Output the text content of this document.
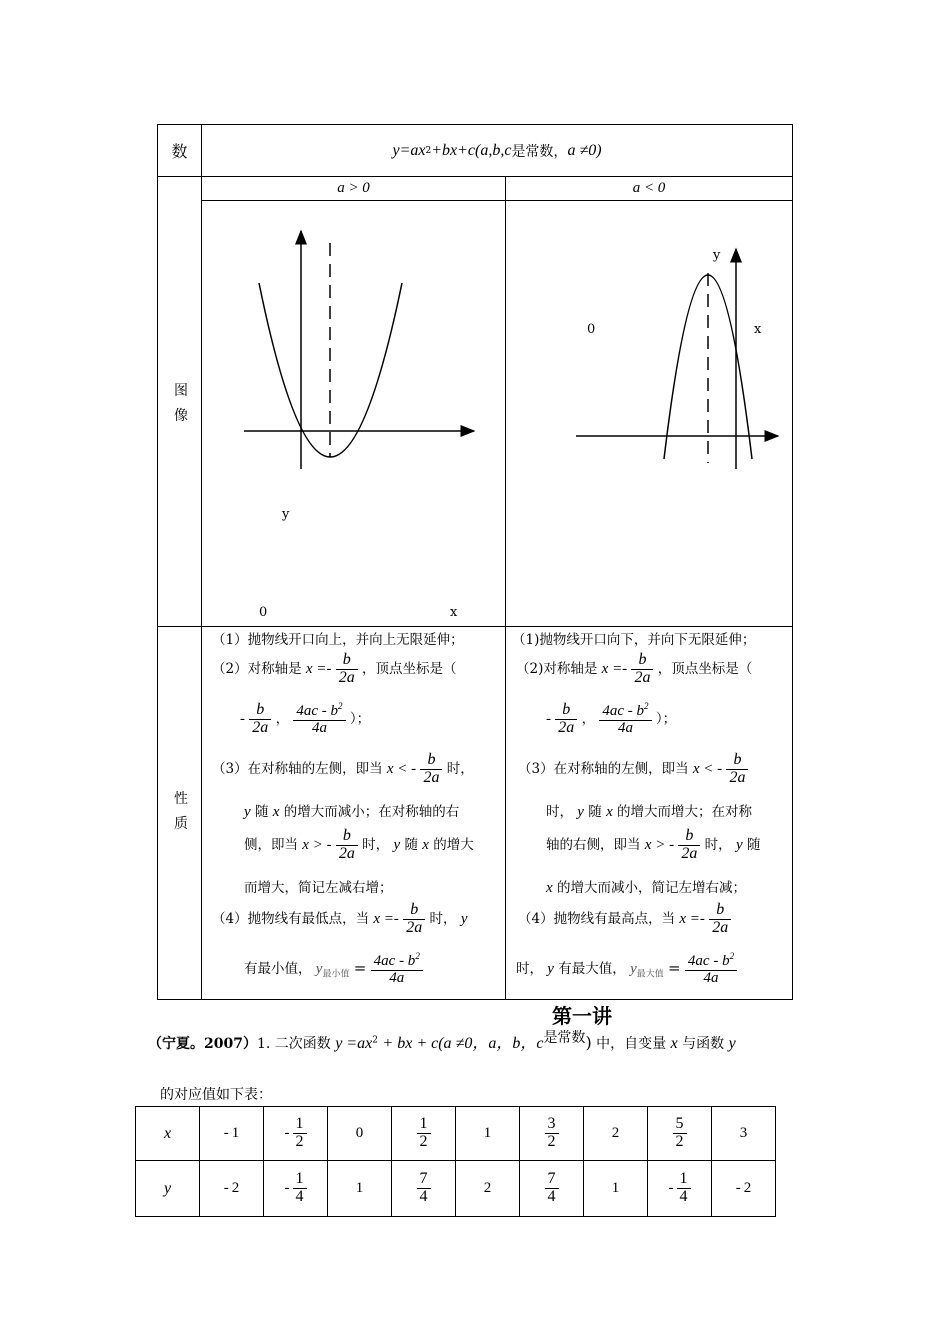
数	y =ax 2 +bx+c(a,b,c 是常数， a ≠0)
图
像
a > 0	a < 0
y
0	x
y
0	x
性
质
（1）抛物线开口向上，并向上无限延伸；
（2）对称轴是 $x =- \frac{b}{2a}$ ，顶点坐标是（
- $\frac{b}{2a}$ ， $\frac{4ac - b^2}{4a}$ ）；
（3）在对称轴的左侧，即当 x < - $\frac{b}{2a}$ 时，
y 随 x 的增大而减小；在对称轴的右
侧，即当 x > - $\frac{b}{2a}$ 时， y 随 x 的增大
而增大，简记左减右增；
（4）抛物线有最低点，当 $x =- \frac{b}{2a}$ 时， y
有最小值， $y_{最小值} = \frac{4ac - b^2}{4a}$
（1)抛物线开口向下，并向下无限延伸；
（2)对称轴是 $x =- \frac{b}{2a}$ ，顶点坐标是（
- $\frac{b}{2a}$ ， $\frac{4ac - b^2}{4a}$ ）；
（3）在对称轴的左侧，即当 x < - $\frac{b}{2a}$
时， y 随 x 的增大而增大；在对称
轴的右侧，即当 x > - $\frac{b}{2a}$ 时， y 随
x 的增大而减小，简记左增右减；
（4）抛物线有最高点，当 $x =- \frac{b}{2a}$
时， y 有最大值， $y_{最大值} = \frac{4ac - b^2}{4a}$
第一讲
（宁夏。2007）1. 二次函数 $y =ax^2$ + bx + c(a ≠0，a，b，c是常数) 中，自变量 x 与函数 y
的对应值如下表：
x	- 1	- $\frac{1}{2}$	0	$\frac{1}{2}$	1	$\frac{3}{2}$	2	$\frac{5}{2}$	3
y	- 2	- $\frac{1}{4}$	1	$\frac{7}{4}$	2	$\frac{7}{4}$	1	- $\frac{1}{4}$	- 2
